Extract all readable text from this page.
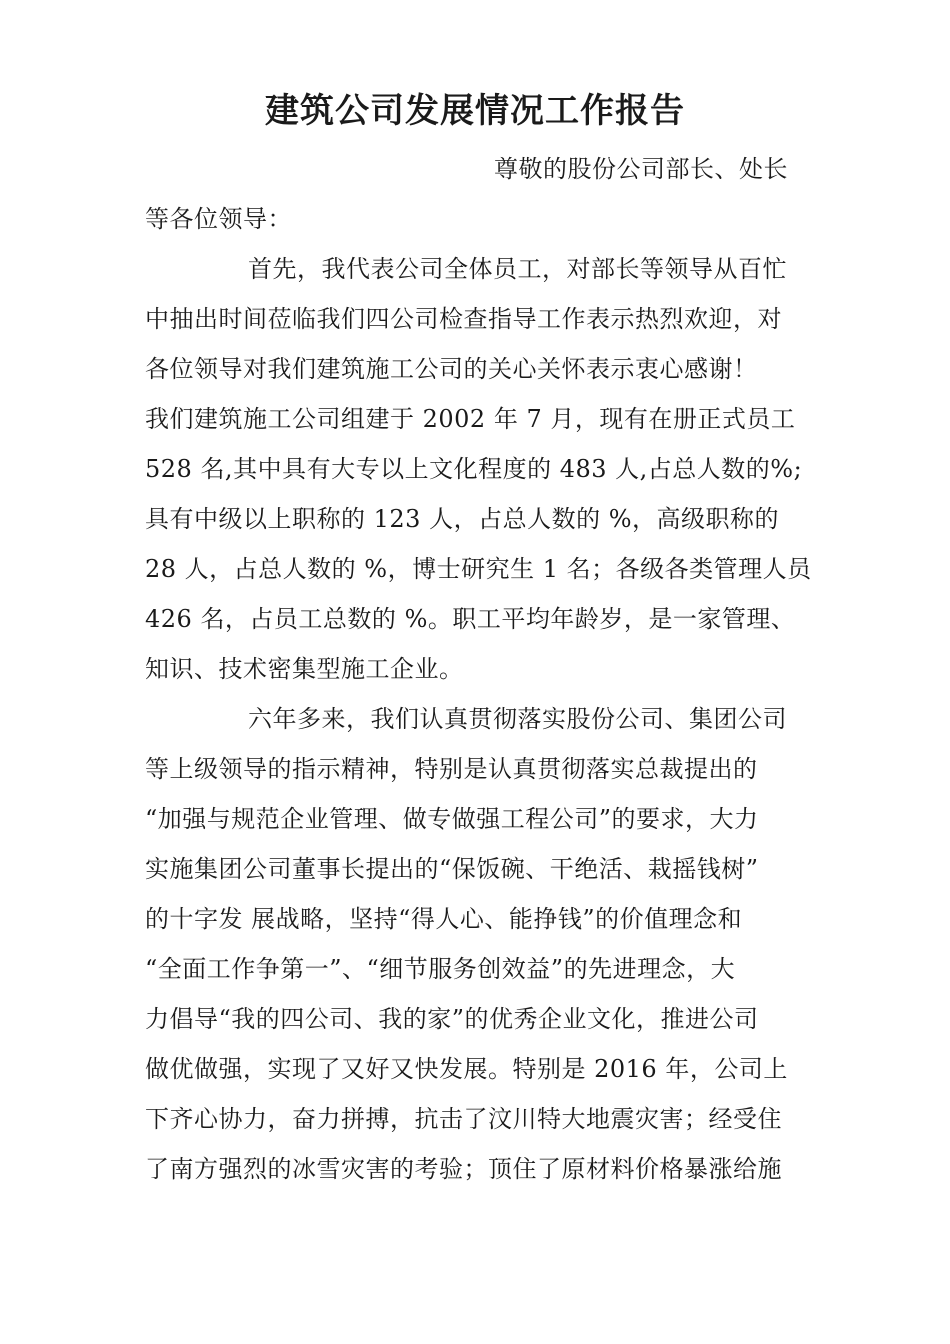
建筑公司发展情况工作报告
尊敬的股份公司部长、处长
等各位领导：
首先，我代表公司全体员工，对部长等领导从百忙
中抽出时间莅临我们四公司检查指导工作表示热烈欢迎，对
各位领导对我们建筑施工公司的关心关怀表示衷心感谢！
我们建筑施工公司组建于 2002 年 7 月，现有在册正式员工
528 名,其中具有大专以上文化程度的 483 人,占总人数的%;
具有中级以上职称的 123 人，占总人数的 %，高级职称的
28 人，占总人数的 %，博士研究生 1 名；各级各类管理人员
426 名，占员工总数的 %。职工平均年龄岁，是一家管理、
知识、技术密集型施工企业。
六年多来，我们认真贯彻落实股份公司、集团公司
等上级领导的指示精神，特别是认真贯彻落实总裁提出的
“加强与规范企业管理、做专做强工程公司”的要求，大力
实施集团公司董事长提出的“保饭碗、干绝活、栽摇钱树”
的十字发 展战略，坚持“得人心、能挣钱”的价值理念和
“全面工作争第一”、“细节服务创效益”的先进理念，大
力倡导“我的四公司、我的家”的优秀企业文化，推进公司
做优做强，实现了又好又快发展。特别是 2016 年，公司上
下齐心协力，奋力拼搏，抗击了汶川特大地震灾害；经受住
了南方强烈的冰雪灾害的考验；顶住了原材料价格暴涨给施
